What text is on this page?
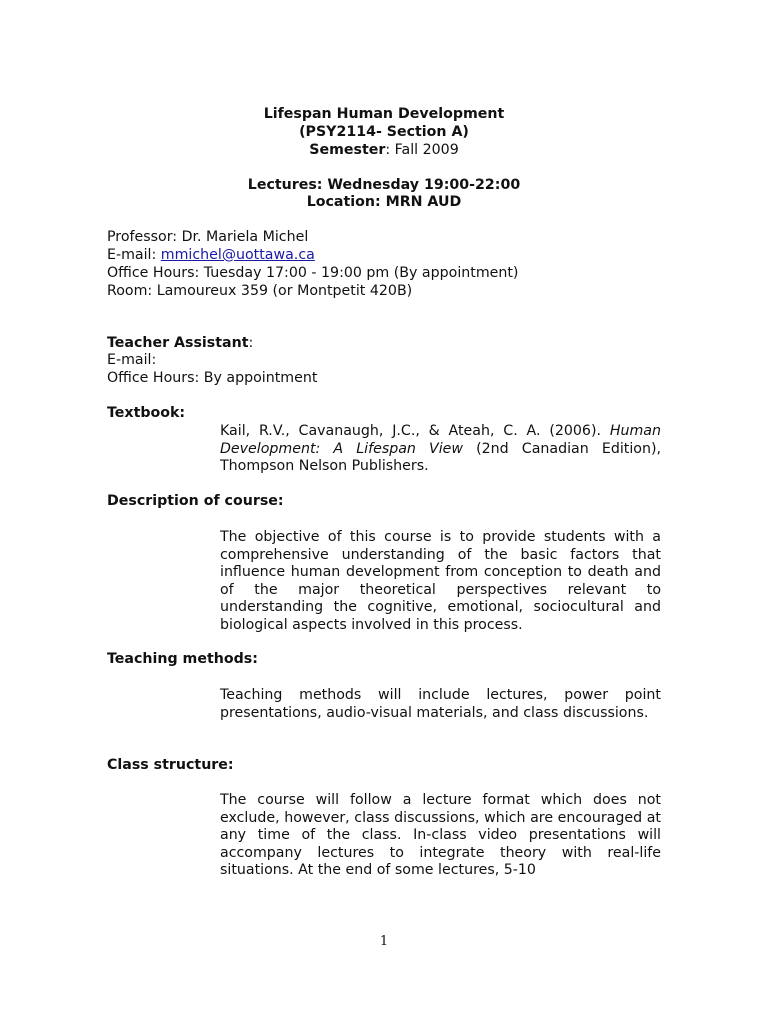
Lifespan Human Development
(PSY2114- Section A)
Semester: Fall 2009
Lectures: Wednesday 19:00-22:00
Location: MRN AUD
Professor: Dr. Mariela Michel
E-mail: mmichel@uottawa.ca
Office Hours: Tuesday 17:00 - 19:00 pm (By appointment)
Room: Lamoureux 359 (or Montpetit 420B)
Teacher Assistant:
E-mail:
Office Hours: By appointment
Textbook:
Kail, R.V., Cavanaugh, J.C., & Ateah, C. A. (2006). Human
Development: A Lifespan View (2nd Canadian Edition),
Thompson Nelson Publishers.
Description of course:
The objective of this course is to provide students with a comprehensive understanding of the basic factors that influence human development from conception to death and of the major theoretical perspectives relevant to understanding the cognitive, emotional, sociocultural and biological aspects involved in this process.
Teaching methods:
Teaching methods will include lectures, power point presentations, audio-visual materials, and class discussions.
Class structure:
The course will follow a lecture format which does not exclude, however, class discussions, which are encouraged at any time of the class. In-class video presentations will accompany lectures to integrate theory with real-life situations. At the end of some lectures, 5-10
1
